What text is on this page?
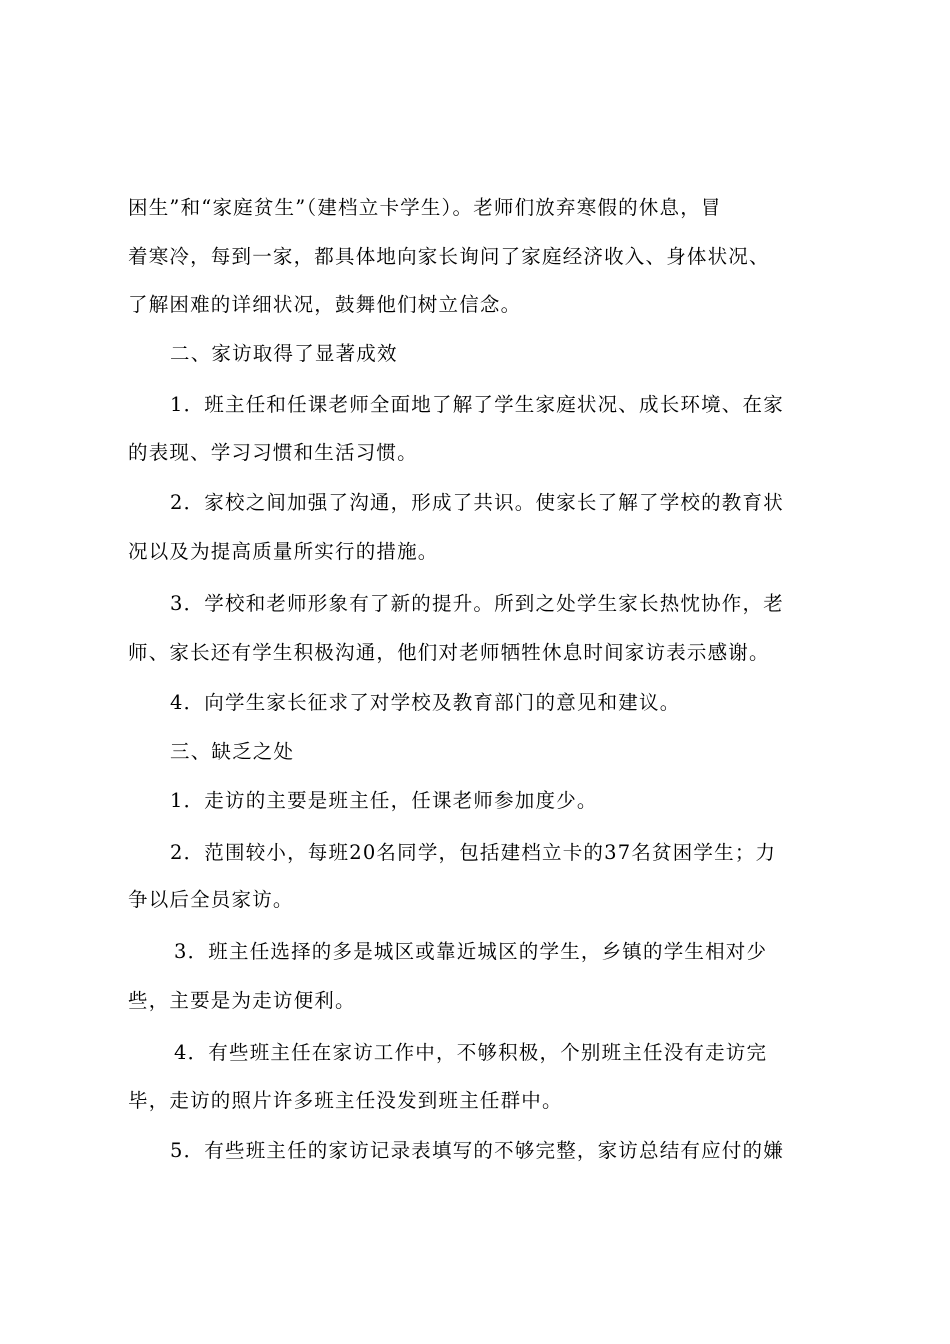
困生”和“家庭贫生”（建档立卡学生）。老师们放弃寒假的休息，冒
着寒冷，每到一家，都具体地向家长询问了家庭经济收入、身体状况、
了解困难的详细状况，鼓舞他们树立信念。
二、家访取得了显著成效
1．班主任和任课老师全面地了解了学生家庭状况、成长环境、在家
的表现、学习习惯和生活习惯。
2．家校之间加强了沟通，形成了共识。使家长了解了学校的教育状
况以及为提高质量所实行的措施。
3．学校和老师形象有了新的提升。所到之处学生家长热忱协作，老
师、家长还有学生积极沟通，他们对老师牺牲休息时间家访表示感谢。
4．向学生家长征求了对学校及教育部门的意见和建议。
三、缺乏之处
1．走访的主要是班主任，任课老师参加度少。
2．范围较小，每班20名同学，包括建档立卡的37名贫困学生；力
争以后全员家访。
3．班主任选择的多是城区或靠近城区的学生，乡镇的学生相对少
些，主要是为走访便利。
4．有些班主任在家访工作中，不够积极，个别班主任没有走访完
毕，走访的照片许多班主任没发到班主任群中。
5．有些班主任的家访记录表填写的不够完整，家访总结有应付的嫌
